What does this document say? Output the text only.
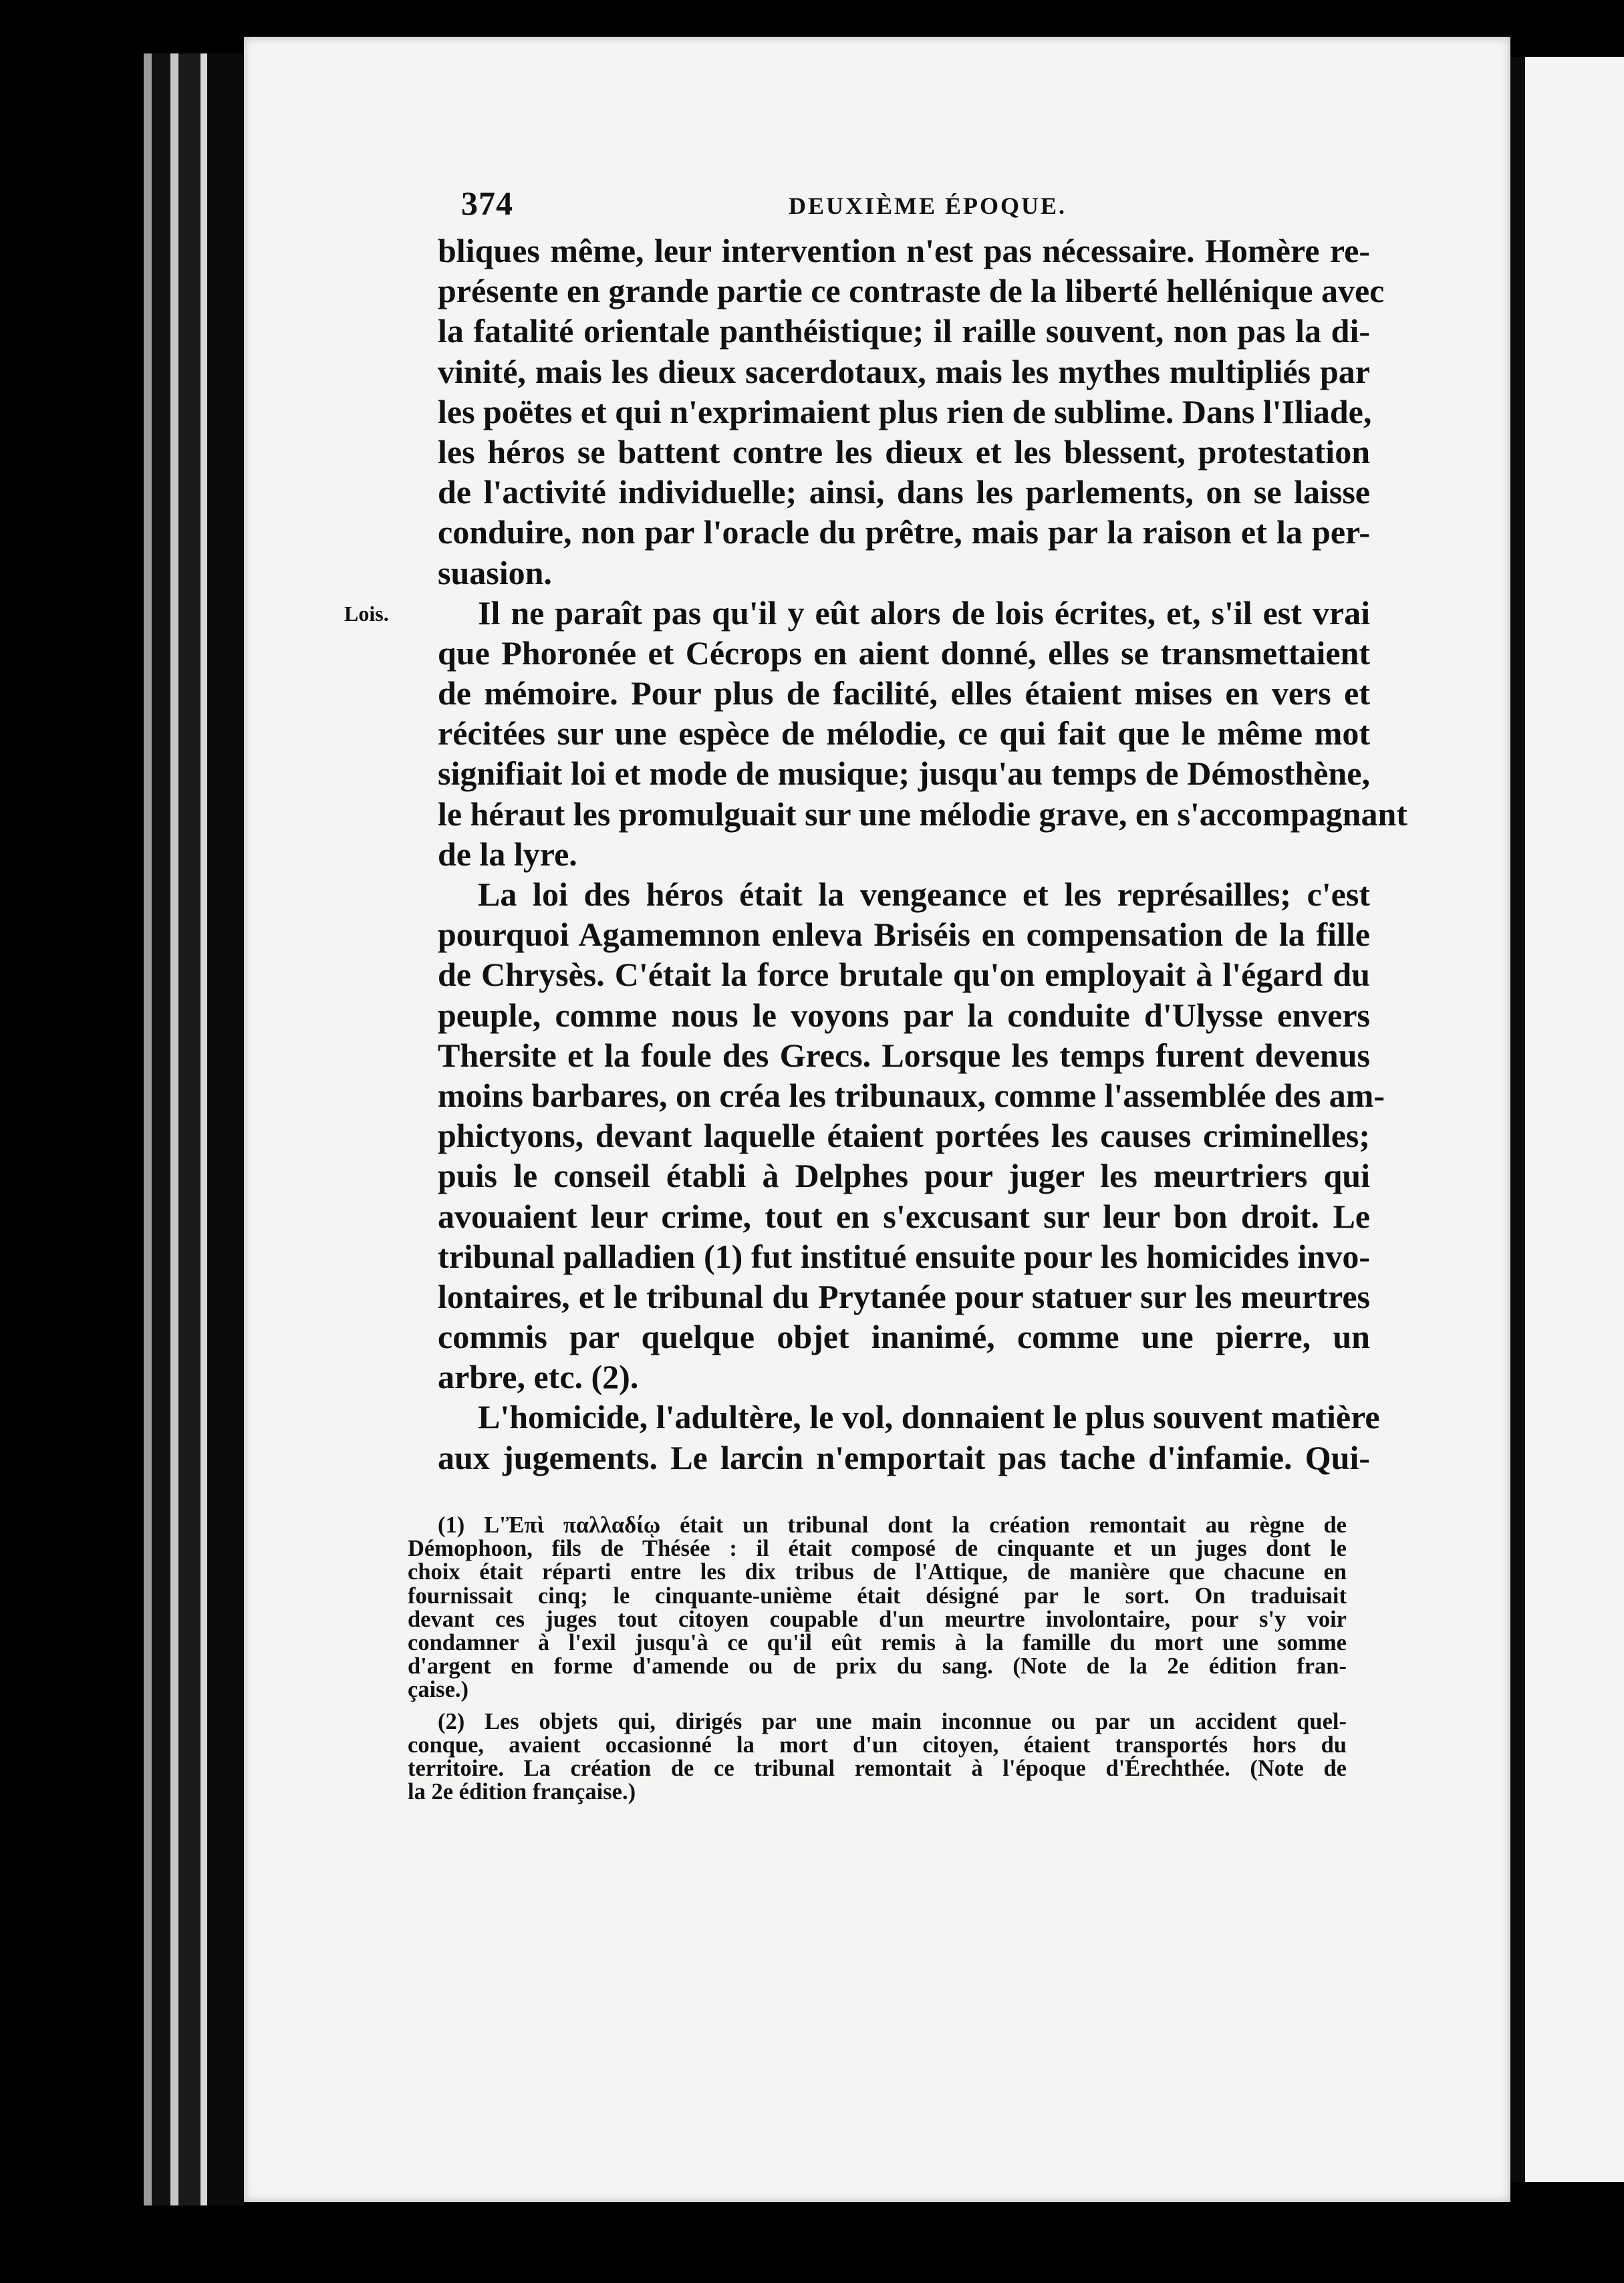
374	DEUXIÈME ÉPOQUE.
Lois.
bliques même, leur intervention n'est pas nécessaire. Homère re-
présente en grande partie ce contraste de la liberté hellénique avec
la fatalité orientale panthéistique; il raille souvent, non pas la di-
vinité, mais les dieux sacerdotaux, mais les mythes multipliés par
les poëtes et qui n'exprimaient plus rien de sublime. Dans l'Iliade,
les héros se battent contre les dieux et les blessent, protestation
de l'activité individuelle; ainsi, dans les parlements, on se laisse
conduire, non par l'oracle du prêtre, mais par la raison et la per-
suasion.
Il ne paraît pas qu'il y eût alors de lois écrites, et, s'il est vrai
que Phoronée et Cécrops en aient donné, elles se transmettaient
de mémoire. Pour plus de facilité, elles étaient mises en vers et
récitées sur une espèce de mélodie, ce qui fait que le même mot
signifiait loi et mode de musique; jusqu'au temps de Démosthène,
le héraut les promulguait sur une mélodie grave, en s'accompagnant
de la lyre.
La loi des héros était la vengeance et les représailles; c'est
pourquoi Agamemnon enleva Briséis en compensation de la fille
de Chrysès. C'était la force brutale qu'on employait à l'égard du
peuple, comme nous le voyons par la conduite d'Ulysse envers
Thersite et la foule des Grecs. Lorsque les temps furent devenus
moins barbares, on créa les tribunaux, comme l'assemblée des am-
phictyons, devant laquelle étaient portées les causes criminelles;
puis le conseil établi à Delphes pour juger les meurtriers qui
avouaient leur crime, tout en s'excusant sur leur bon droit. Le
tribunal palladien (1) fut institué ensuite pour les homicides invo-
lontaires, et le tribunal du Prytanée pour statuer sur les meurtres
commis par quelque objet inanimé, comme une pierre, un
arbre, etc. (2).
L'homicide, l'adultère, le vol, donnaient le plus souvent matière
aux jugements. Le larcin n'emportait pas tache d'infamie. Qui-
(1) L'Ἐπὶ παλλαδίῳ était un tribunal dont la création remontait au règne de
Démophoon, fils de Thésée : il était composé de cinquante et un juges dont le
choix était réparti entre les dix tribus de l'Attique, de manière que chacune en
fournissait cinq; le cinquante-unième était désigné par le sort. On traduisait
devant ces juges tout citoyen coupable d'un meurtre involontaire, pour s'y voir
condamner à l'exil jusqu'à ce qu'il eût remis à la famille du mort une somme
d'argent en forme d'amende ou de prix du sang. (Note de la 2e édition fran-
çaise.)
(2) Les objets qui, dirigés par une main inconnue ou par un accident quel-
conque, avaient occasionné la mort d'un citoyen, étaient transportés hors du
territoire. La création de ce tribunal remontait à l'époque d'Érechthée. (Note de
la 2e édition française.)
